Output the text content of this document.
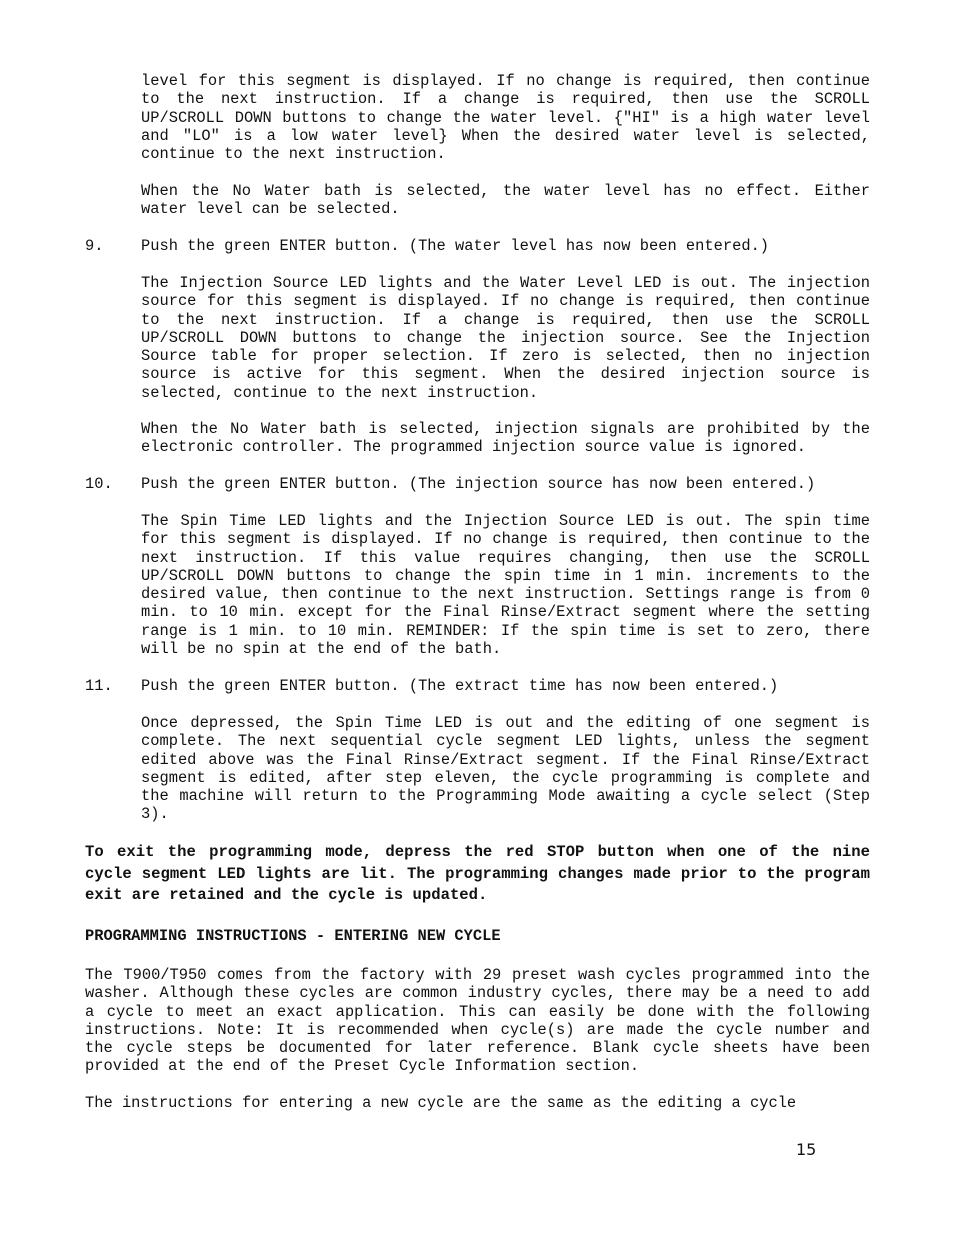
level for this segment is displayed. If no change is required, then continue to the next instruction. If a change is required, then use the SCROLL UP/SCROLL DOWN buttons to change the water level. {"HI" is a high water level and "LO" is a low water level} When the desired water level is selected, continue to the next instruction.
When the No Water bath is selected, the water level has no effect. Either water level can be selected.
9. Push the green ENTER button. (The water level has now been entered.)
The Injection Source LED lights and the Water Level LED is out. The injection source for this segment is displayed. If no change is required, then continue to the next instruction. If a change is required, then use the SCROLL UP/SCROLL DOWN buttons to change the injection source. See the Injection Source table for proper selection. If zero is selected, then no injection source is active for this segment. When the desired injection source is selected, continue to the next instruction.
When the No Water bath is selected, injection signals are prohibited by the electronic controller. The programmed injection source value is ignored.
10. Push the green ENTER button. (The injection source has now been entered.)
The Spin Time LED lights and the Injection Source LED is out. The spin time for this segment is displayed. If no change is required, then continue to the next instruction. If this value requires changing, then use the SCROLL UP/SCROLL DOWN buttons to change the spin time in 1 min. increments to the desired value, then continue to the next instruction. Settings range is from 0 min. to 10 min. except for the Final Rinse/Extract segment where the setting range is 1 min. to 10 min. REMINDER: If the spin time is set to zero, there will be no spin at the end of the bath.
11. Push the green ENTER button. (The extract time has now been entered.)
Once depressed, the Spin Time LED is out and the editing of one segment is complete. The next sequential cycle segment LED lights, unless the segment edited above was the Final Rinse/Extract segment. If the Final Rinse/Extract segment is edited, after step eleven, the cycle programming is complete and the machine will return to the Programming Mode awaiting a cycle select (Step 3).
To exit the programming mode, depress the red STOP button when one of the nine cycle segment LED lights are lit. The programming changes made prior to the program exit are retained and the cycle is updated.
PROGRAMMING INSTRUCTIONS - ENTERING NEW CYCLE
The T900/T950 comes from the factory with 29 preset wash cycles programmed into the washer. Although these cycles are common industry cycles, there may be a need to add a cycle to meet an exact application. This can easily be done with the following instructions. Note: It is recommended when cycle(s) are made the cycle number and the cycle steps be documented for later reference. Blank cycle sheets have been provided at the end of the Preset Cycle Information section.
The instructions for entering a new cycle are the same as the editing a cycle
15
